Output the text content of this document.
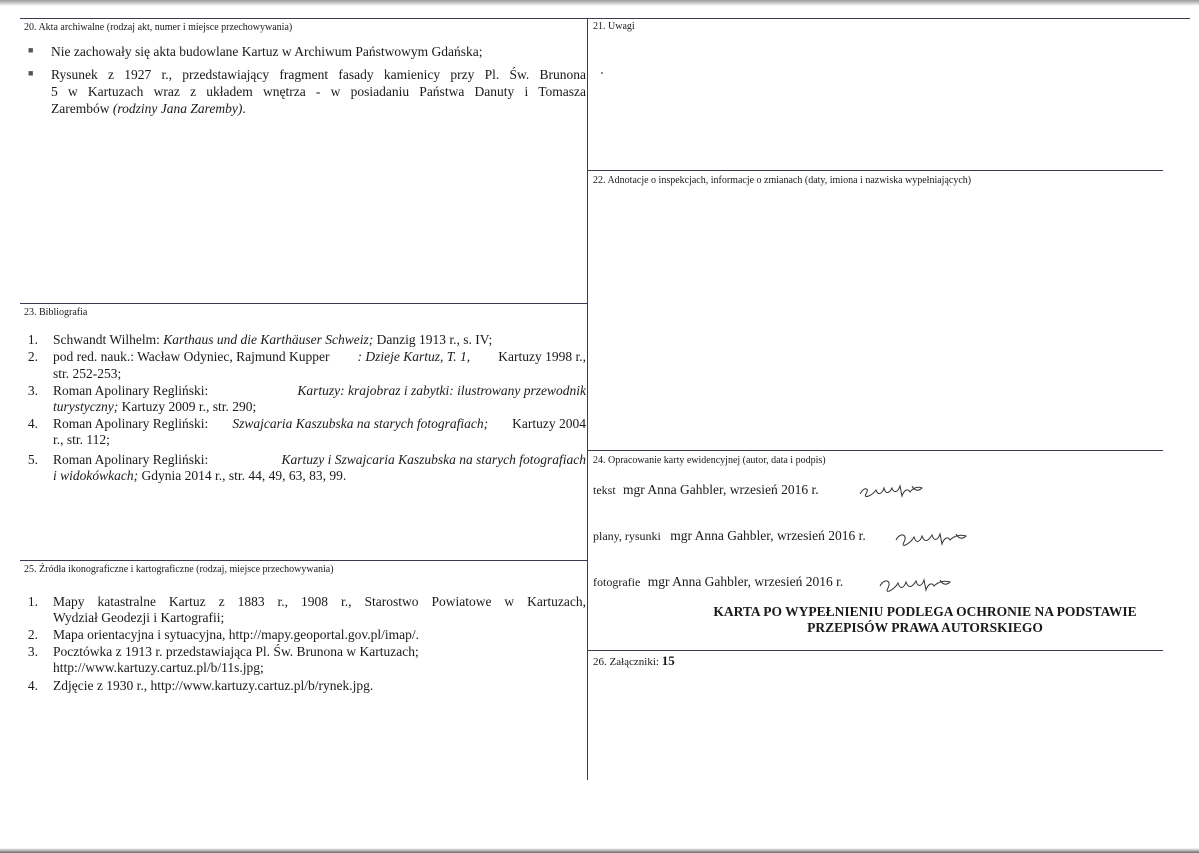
20. Akta archiwalne (rodzaj akt, numer i miejsce przechowywania)
■ Nie zachowały się akta budowlane Kartuz w Archiwum Państwowym Gdańska;
■ Rysunek z 1927 r., przedstawiający fragment fasady kamienicy przy Pl. Św. Brunona
5 w Kartuzach wraz z układem wnętrza - w posiadaniu Państwa Danuty i Tomasza
Zarembów (rodziny Jana Zaremby).
21. Uwagi
22. Adnotacje o inspekcjach, informacje o zmianach (daty, imiona i nazwiska wypełniających)
23. Bibliografia
1. Schwandt Wilhelm: Karthaus und die Karthäuser Schweiz; Danzig 1913 r., s. IV;
2. pod red. nauk.: Wacław Odyniec, Rajmund Kupper : Dzieje Kartuz, T. 1, Kartuzy 1998 r.,
str. 252-253;
3. Roman Apolinary Regliński:	Kartuzy: krajobraz i zabytki: ilustrowany przewodnik
turystyczny; Kartuzy 2009 r., str. 290;
4. Roman Apolinary Regliński: Szwajcaria Kaszubska na starych fotografiach; Kartuzy 2004
r., str. 112;
5. Roman Apolinary Regliński:	Kartuzy i Szwajcaria Kaszubska na starych fotografiach
i widokówkach; Gdynia 2014 r., str. 44, 49, 63, 83, 99.
24. Opracowanie karty ewidencyjnej (autor, data i podpis)
tekst mgr Anna Gahbler, wrzesień 2016 r.
plany, rysunki mgr Anna Gahbler, wrzesień 2016 r.
fotografie mgr Anna Gahbler, wrzesień 2016 r.
KARTA PO WYPEŁNIENIU PODLEGA OCHRONIE NA PODSTAWIE
PRZEPISÓW PRAWA AUTORSKIEGO
25. Źródła ikonograficzne i kartograficzne (rodzaj, miejsce przechowywania)
1. Mapy katastralne Kartuz z 1883 r., 1908 r., Starostwo Powiatowe w Kartuzach,
Wydział Geodezji i Kartografii;
2. Mapa orientacyjna i sytuacyjna, http://mapy.geoportal.gov.pl/imap/.
3. Pocztówka z 1913 r. przedstawiająca Pl. Św. Brunona w Kartuzach;
http://www.kartuzy.cartuz.pl/b/11s.jpg;
4. Zdjęcie z 1930 r., http://www.kartuzy.cartuz.pl/b/rynek.jpg.
26. Załączniki: 15
